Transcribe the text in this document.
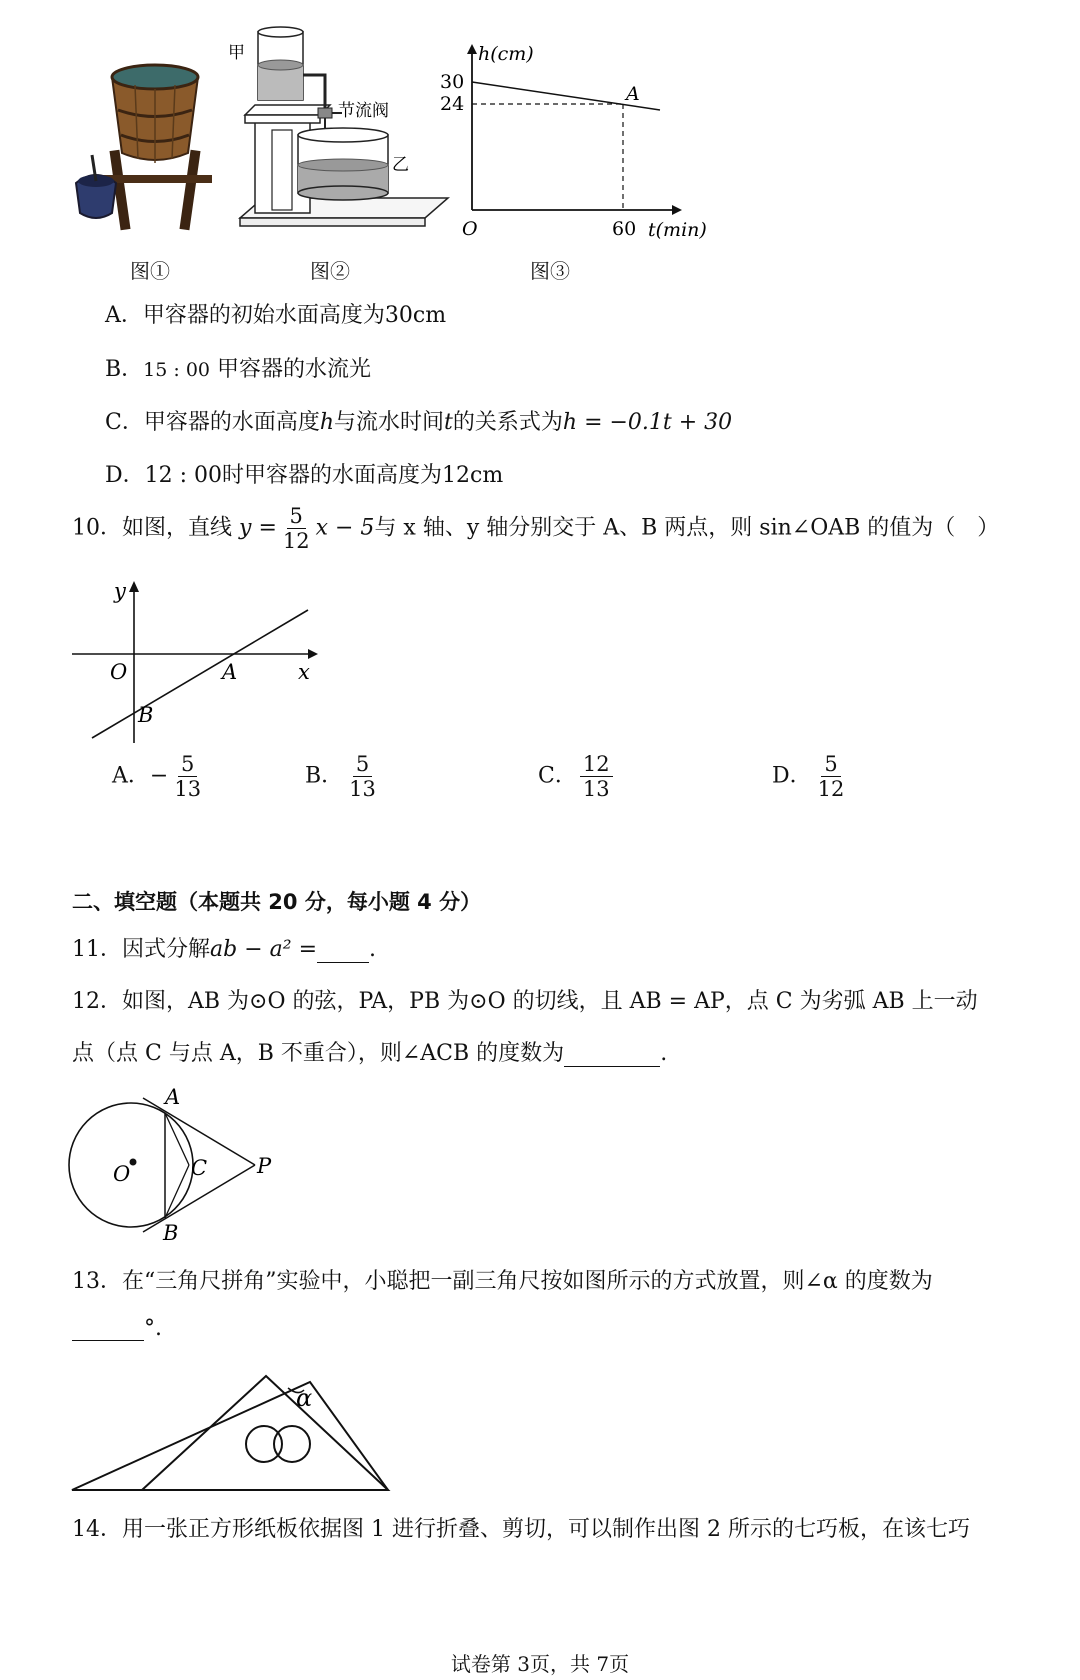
甲
节流阀
乙
h(cm)
30
24	A
O	60 t(min)
图①	图②	图③
A．甲容器的初始水面高度为30cm
B．15 : 00 甲容器的水流光
C．甲容器的水面高度h与流水时间t的关系式为h = −0.1t + 30
D．12 : 00时甲容器的水面高度为12cm
10．如图，直线 $y = \frac{5}{12}$ x − 5与 x 轴、y 轴分别交于 A、B 两点，则 sin∠OAB 的值为（　）
y
x
O	A
B
A．− $\frac{5}{13}$	B． $\frac{5}{13}$	C． $\frac{12}{13}$	D． $\frac{5}{12}$
二、填空题（本题共 20 分，每小题 4 分）
11．因式分解ab − a² = .
12．如图，AB 为⊙O 的弦，PA，PB 为⊙O 的切线，且 AB = AP，点 C 为劣弧 AB 上一动
点（点 C 与点 A，B 不重合），则∠ACB 的度数为	.
A
B
C
O	P
13．在“三角尺拼角”实验中，小聪把一副三角尺按如图所示的方式放置，则∠α 的度数为
°.
α
14．用一张正方形纸板依据图 1 进行折叠、剪切，可以制作出图 2 所示的七巧板，在该七巧
试卷第 3页，共 7页
